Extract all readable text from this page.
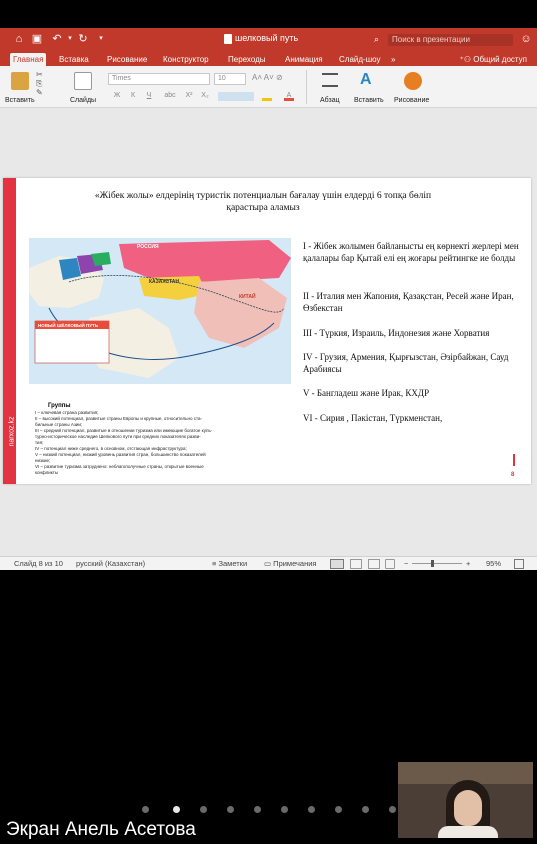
⌂ ▣ ↶ ▾ ↻	▾	шелковый путь	⌕	Поиск в презентации	☺
Главная	Вставка	Рисование	Конструктор	Переходы	Анимация	Слайд-шоу	»	⁺⚇ Общий доступ
Вставить
✂
⎘
✎
Слайды
Times	10	A˄ A˅ ⊘
Ж	К	Ч	abc	X²	X₂	A
Абзац
A
Вставить Рисование
narxoz.kz
«Жібек жолы» елдерінің туристік потенциалын бағалау үшін елдерді 6 топқа бөліп қарастыра аламыз
РОССИЯ
КАЗАХСТАН
КИТАЙ
НОВЫЙ ШЁЛКОВЫЙ ПУТЬ
I - Жібек жолымен байланысты ең көрнекті жерлері мен қалалары бар Қытай елі ең жоғары рейтингке ие болды
II - Италия мен Жапония, Қазақстан, Ресей және Иран, Өзбекстан
III - Түркия, Израиль, Индонезия және Хорватия
IV - Грузия, Армения, Қырғызстан, Әзірбайжан, Сауд Арабиясы
V - Бангладеш және Ирак, КХДР
VI - Сирия , Пәкістан, Түркменстан,
Группы
I – ключевая страна развития;
II – высокий потенциал, развитые страны Европы и крупные, относительно ста-
бильные страны Азии;
III – средний потенциал, развитые в отношении туризма или имеющие богатое куль-
турно-историческое наследие Шелкового пути при средних показателях разви-
тия;
IV – потенциал ниже среднего, в основном, отстающая инфраструктура;
V – низкий потенциал, низкий уровень развития стран, большинство показателей
низкие;
VI – развитие туризма затруднено: неблагополучные страны, открытые военные
конфликты	8
Слайд 8 из 10 русский (Казахстан)	≡ Заметки ▭ Примечания	−	+ 95%
Экран Анель Асетова
